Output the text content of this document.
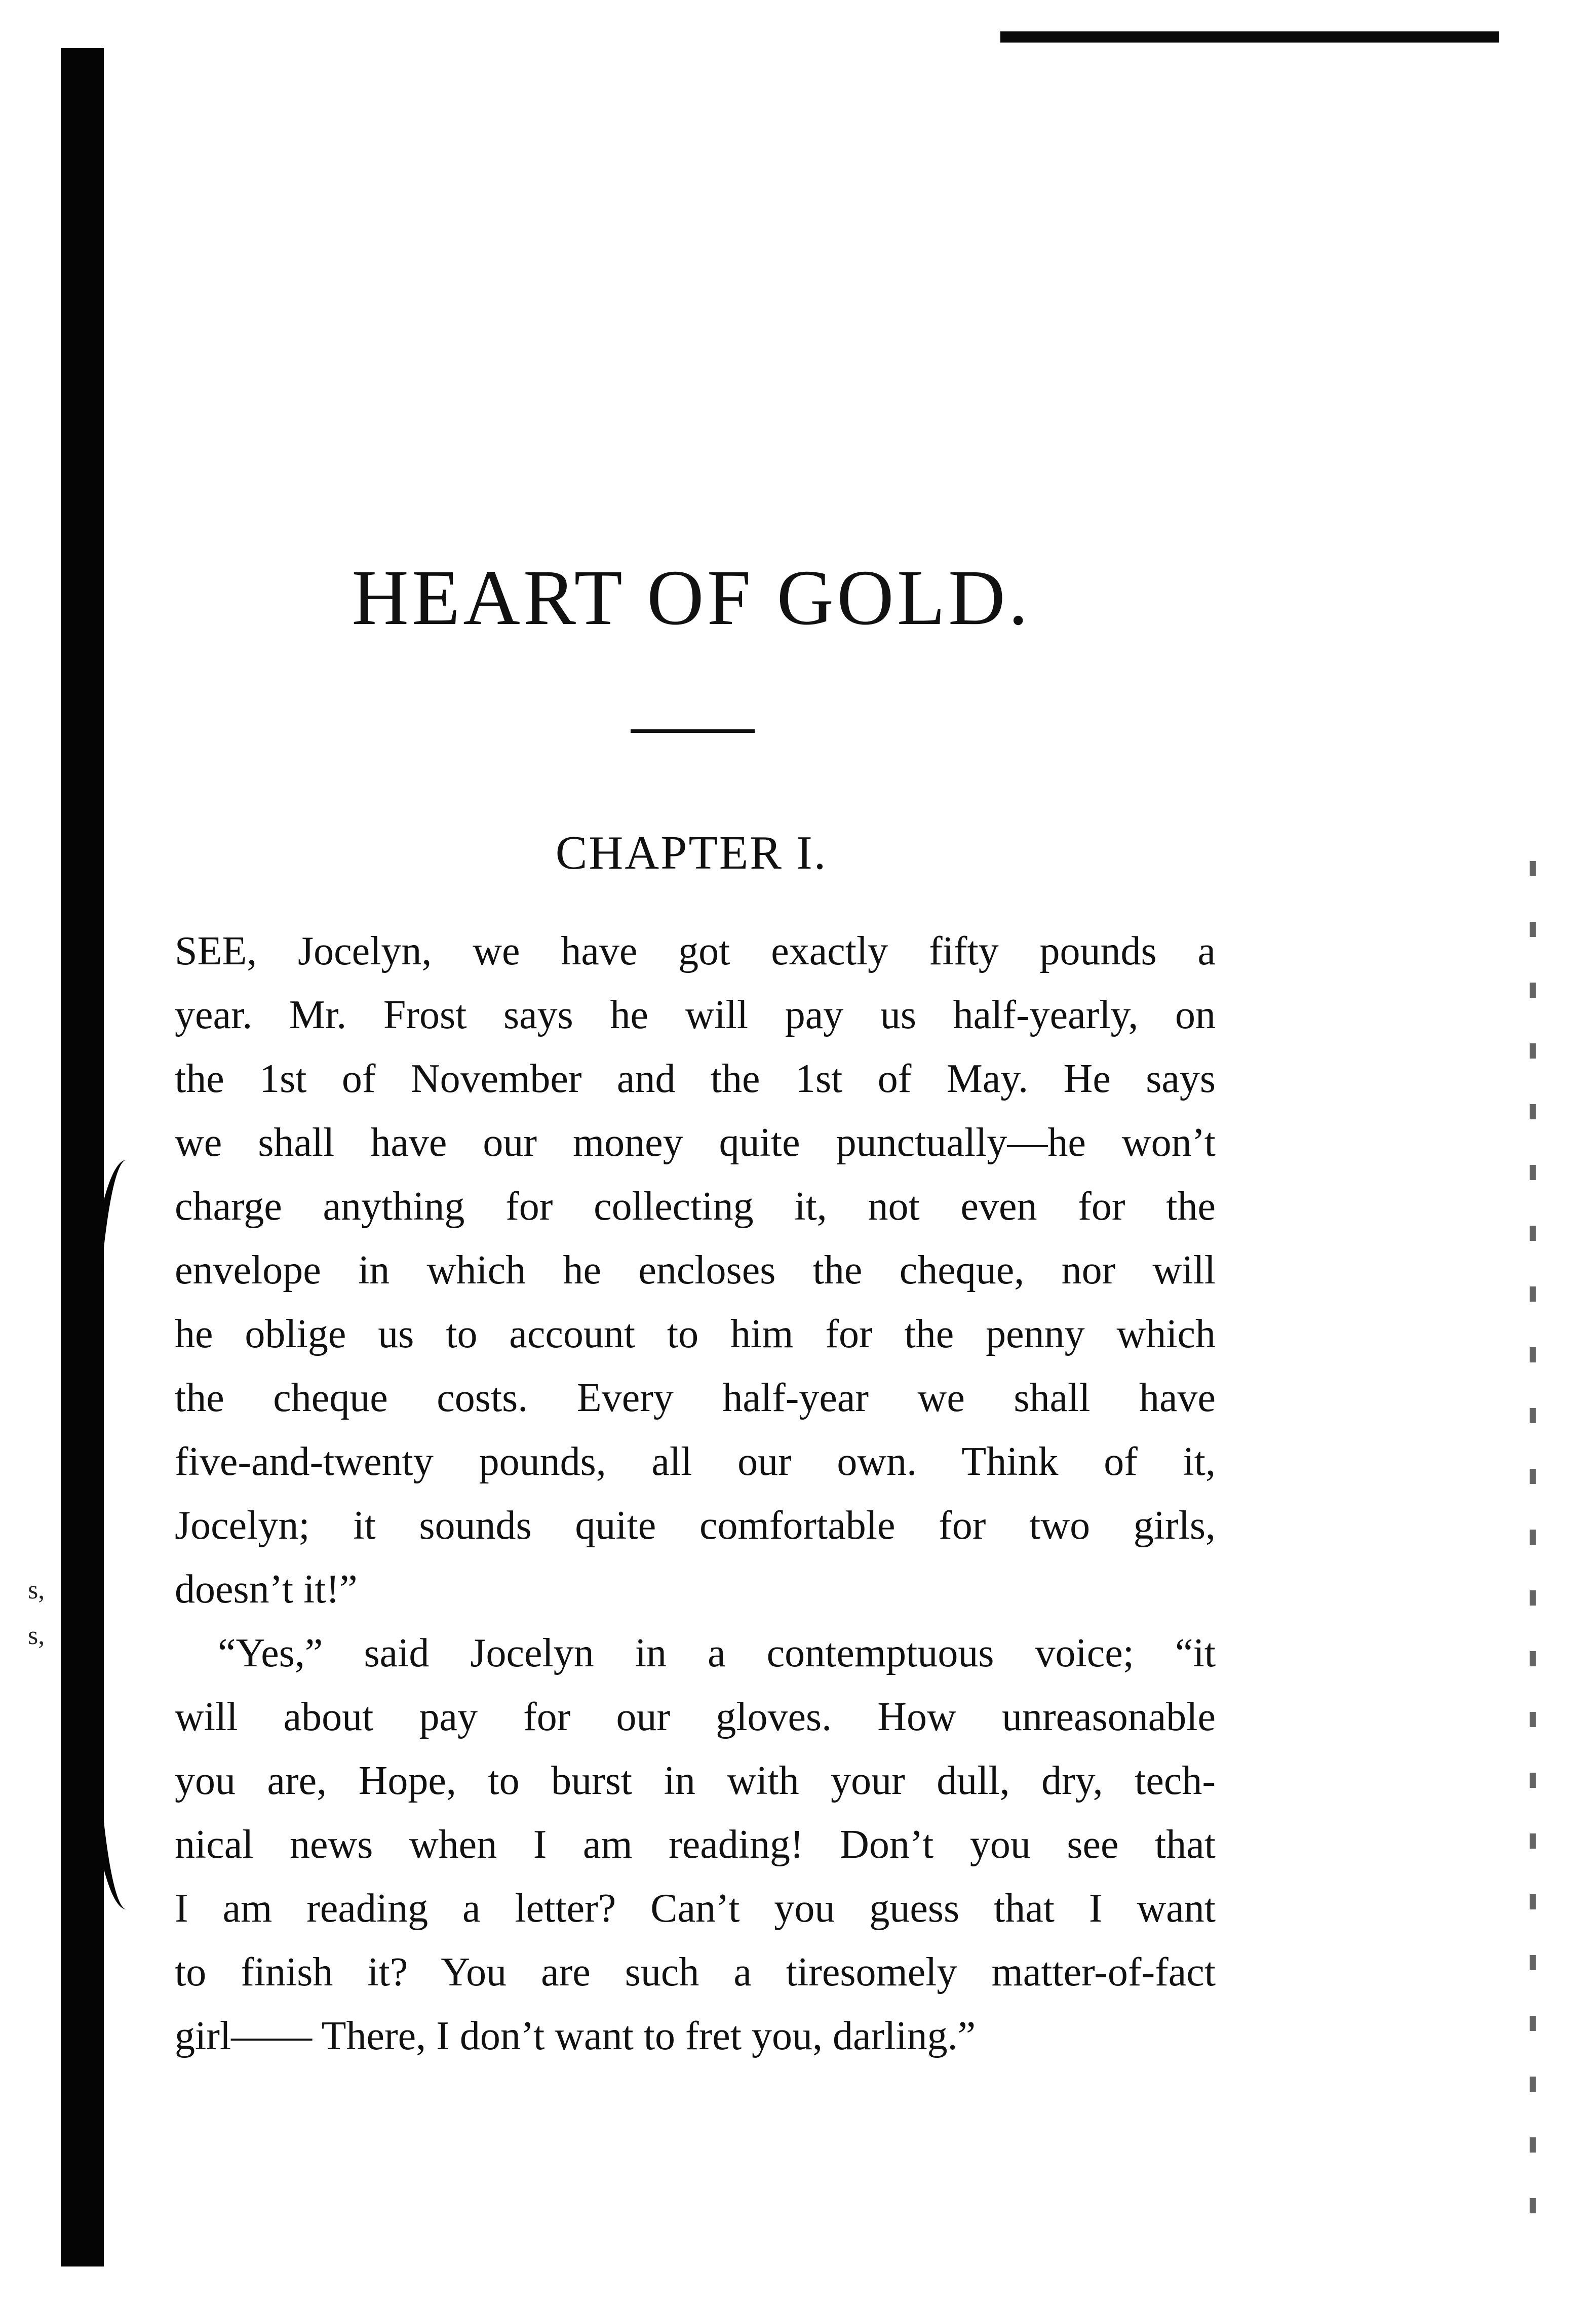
s,
s,
HEART OF GOLD.
CHAPTER I.

SEE, Jocelyn, we have got exactly fifty pounds a
year. Mr. Frost says he will pay us half-yearly, on
the 1st of November and the 1st of May. He says
we shall have our money quite punctually—he won’t
charge anything for collecting it, not even for the
envelope in which he encloses the cheque, nor will
he oblige us to account to him for the penny which
the cheque costs. Every half-year we shall have
five-and-twenty pounds, all our own. Think of it,
Jocelyn; it sounds quite comfortable for two girls,
doesn’t it!”

“Yes,” said Jocelyn in a contemptuous voice; “it
will about pay for our gloves. How unreasonable
you are, Hope, to burst in with your dull, dry, tech-
nical news when I am reading! Don’t you see that
I am reading a letter? Can’t you guess that I want
to finish it? You are such a tiresomely matter-of-fact
girl—— There, I don’t want to fret you, darling.”
